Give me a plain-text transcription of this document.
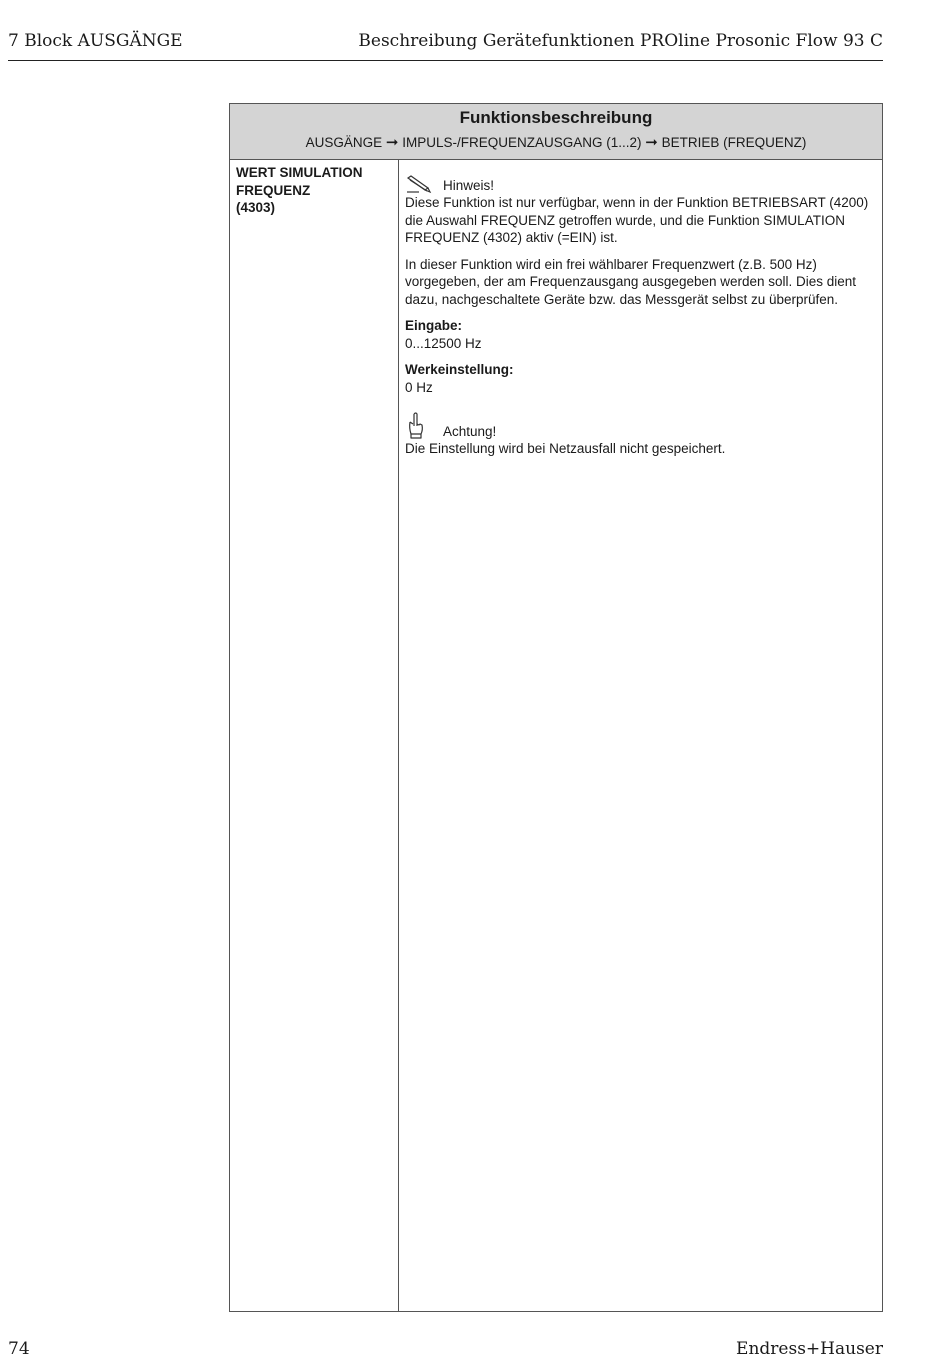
7 Block AUSGÄNGE	Beschreibung Gerätefunktionen PROline Prosonic Flow 93 C
Funktionsbeschreibung
AUSGÄNGE ➞ IMPULS-/FREQUENZAUSGANG (1...2) ➞ BETRIEB (FREQUENZ)
WERT SIMULATION
FREQUENZ
(4303)
Hinweis!

Diese Funktion ist nur verfügbar, wenn in der Funktion BETRIEBSART (4200) die Auswahl FREQUENZ getroffen wurde, und die Funktion SIMULATION FREQUENZ (4302) aktiv (=EIN) ist.

In dieser Funktion wird ein frei wählbarer Frequenzwert (z.B. 500 Hz) vorgegeben, der am Frequenzausgang ausgegeben werden soll. Dies dient dazu, nachgeschaltete Geräte bzw. das Messgerät selbst zu überprüfen.

Eingabe:

0...12500 Hz

Werkeinstellung:

0 Hz

Achtung!

Die Einstellung wird bei Netzausfall nicht gespeichert.

74	Endress+Hauser
